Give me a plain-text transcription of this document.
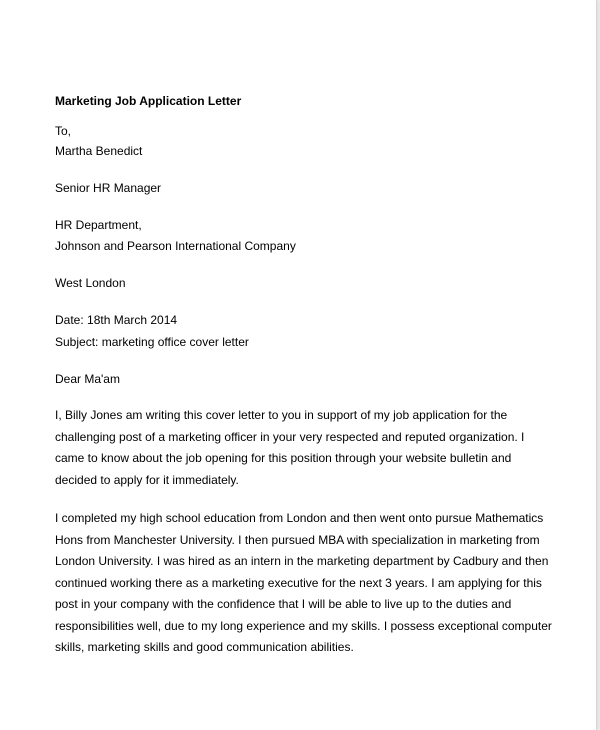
Marketing Job Application Letter
To,
Martha Benedict
Senior HR Manager
HR Department,
Johnson and Pearson International Company
West London
Date: 18th March 2014
Subject: marketing office cover letter
Dear Ma'am

I, Billy Jones am writing this cover letter to you in support of my job application for the challenging post of a marketing officer in your very respected and reputed organization. I came to know about the job opening for this position through your website bulletin and decided to apply for it immediately.

I completed my high school education from London and then went onto pursue Mathematics Hons from Manchester University. I then pursued MBA with specialization in marketing from London University. I was hired as an intern in the marketing department by Cadbury and then continued working there as a marketing executive for the next 3 years. I am applying for this post in your company with the confidence that I will be able to live up to the duties and responsibilities well, due to my long experience and my skills. I possess exceptional computer skills, marketing skills and good communication abilities.
